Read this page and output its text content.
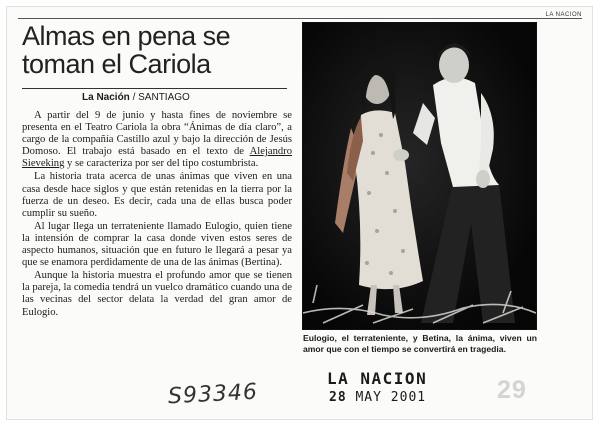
LA NACION
Almas en pena se
toman el Cariola
La Nación / SANTIAGO

A partir del 9 de junio y hasta fines de noviembre se presenta en el Teatro Cariola la obra “Ánimas de día claro”, a cargo de la compañía Castillo azul y bajo la dirección de Jesús Domoso. El trabajo está basado en el texto de Alejandro Sieveking y se caracteriza por ser del tipo costumbrista.

La historia trata acerca de unas ánimas que viven en una casa desde hace siglos y que están retenidas en la tierra por la fuerza de un deseo. Es decir, cada una de ellas busca poder cumplir su sueño.

Al lugar llega un terrateniente llamado Eulogio, quien tiene la intensión de comprar la casa donde viven estos seres de aspecto humanos, situación que en futuro le llegará a pesar ya que se enamora perdidamente de una de las ánimas (Bertina).

Aunque la historia muestra el profundo amor que se tienen la pareja, la comedia tendrá un vuelco dramático cuando una de las vecinas del sector delata la verdad del gran amor de Eulogio.

Eulogio, el terrateniente, y Betina, la ánima, viven un amor que con el tiempo se convertirá en tragedia.
S93346
LA NACION
28 MAY 2001	29
